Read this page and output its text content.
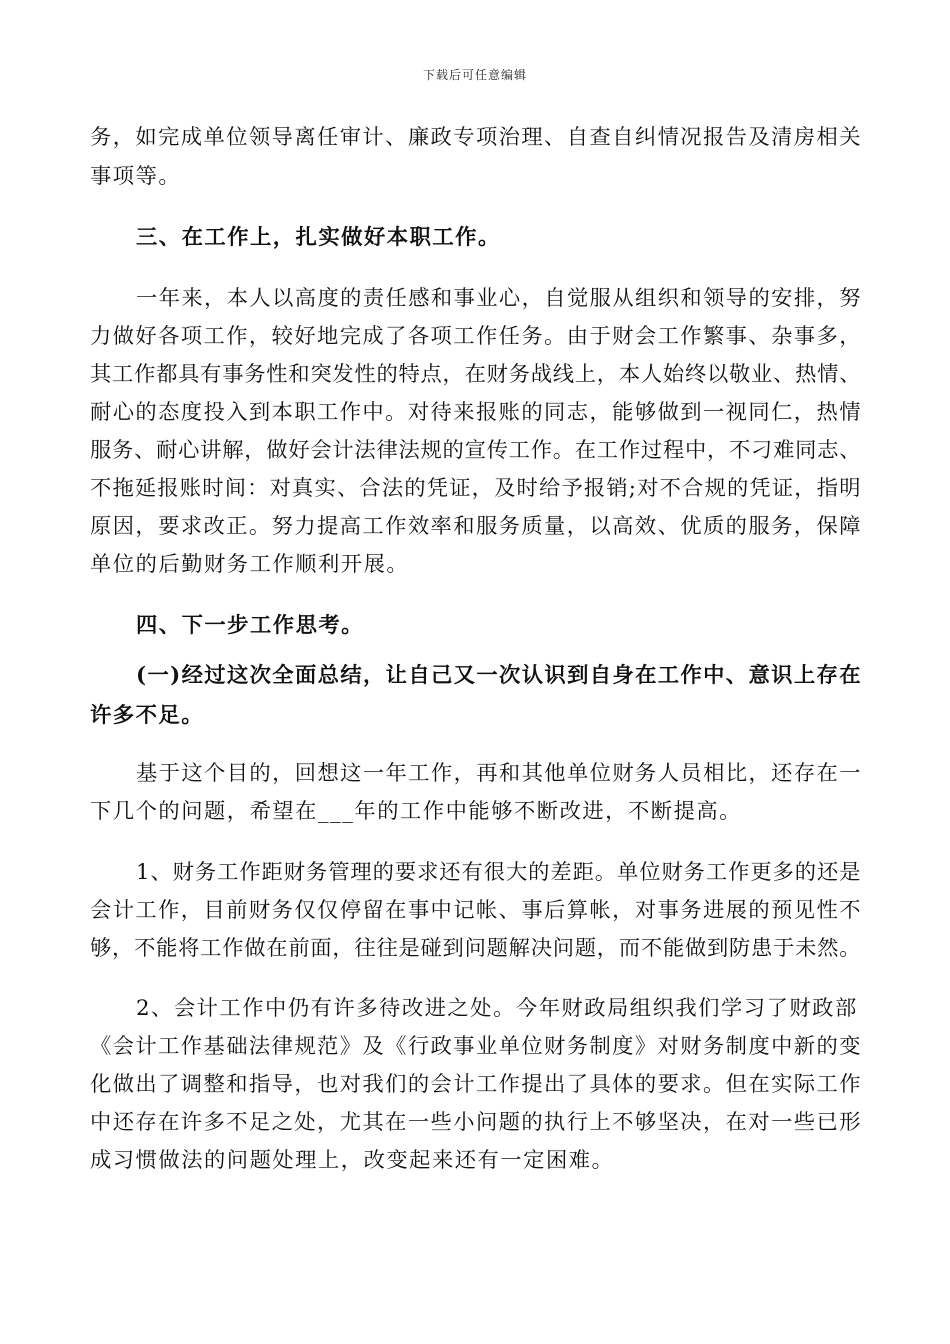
下载后可任意编辑
务，如完成单位领导离任审计、廉政专项治理、自查自纠情况报告及清房相关
事项等。
三、在工作上，扎实做好本职工作。
一年来，本人以高度的责任感和事业心，自觉服从组织和领导的安排，努
力做好各项工作，较好地完成了各项工作任务。由于财会工作繁事、杂事多，
其工作都具有事务性和突发性的特点，在财务战线上，本人始终以敬业、热情、
耐心的态度投入到本职工作中。对待来报账的同志，能够做到一视同仁，热情
服务、耐心讲解，做好会计法律法规的宣传工作。在工作过程中，不刁难同志、
不拖延报账时间：对真实、合法的凭证，及时给予报销;对不合规的凭证，指明
原因，要求改正。努力提高工作效率和服务质量，以高效、优质的服务，保障
单位的后勤财务工作顺利开展。
四、下一步工作思考。
(一)经过这次全面总结，让自己又一次认识到自身在工作中、意识上存在
许多不足。
基于这个目的，回想这一年工作，再和其他单位财务人员相比，还存在一
下几个的问题，希望在___年的工作中能够不断改进，不断提高。
1、财务工作距财务管理的要求还有很大的差距。单位财务工作更多的还是
会计工作，目前财务仅仅停留在事中记帐、事后算帐，对事务进展的预见性不
够，不能将工作做在前面，往往是碰到问题解决问题，而不能做到防患于未然。
2、会计工作中仍有许多待改进之处。今年财政局组织我们学习了财政部
《会计工作基础法律规范》及《行政事业单位财务制度》对财务制度中新的变
化做出了调整和指导，也对我们的会计工作提出了具体的要求。但在实际工作
中还存在许多不足之处，尤其在一些小问题的执行上不够坚决，在对一些已形
成习惯做法的问题处理上，改变起来还有一定困难。
